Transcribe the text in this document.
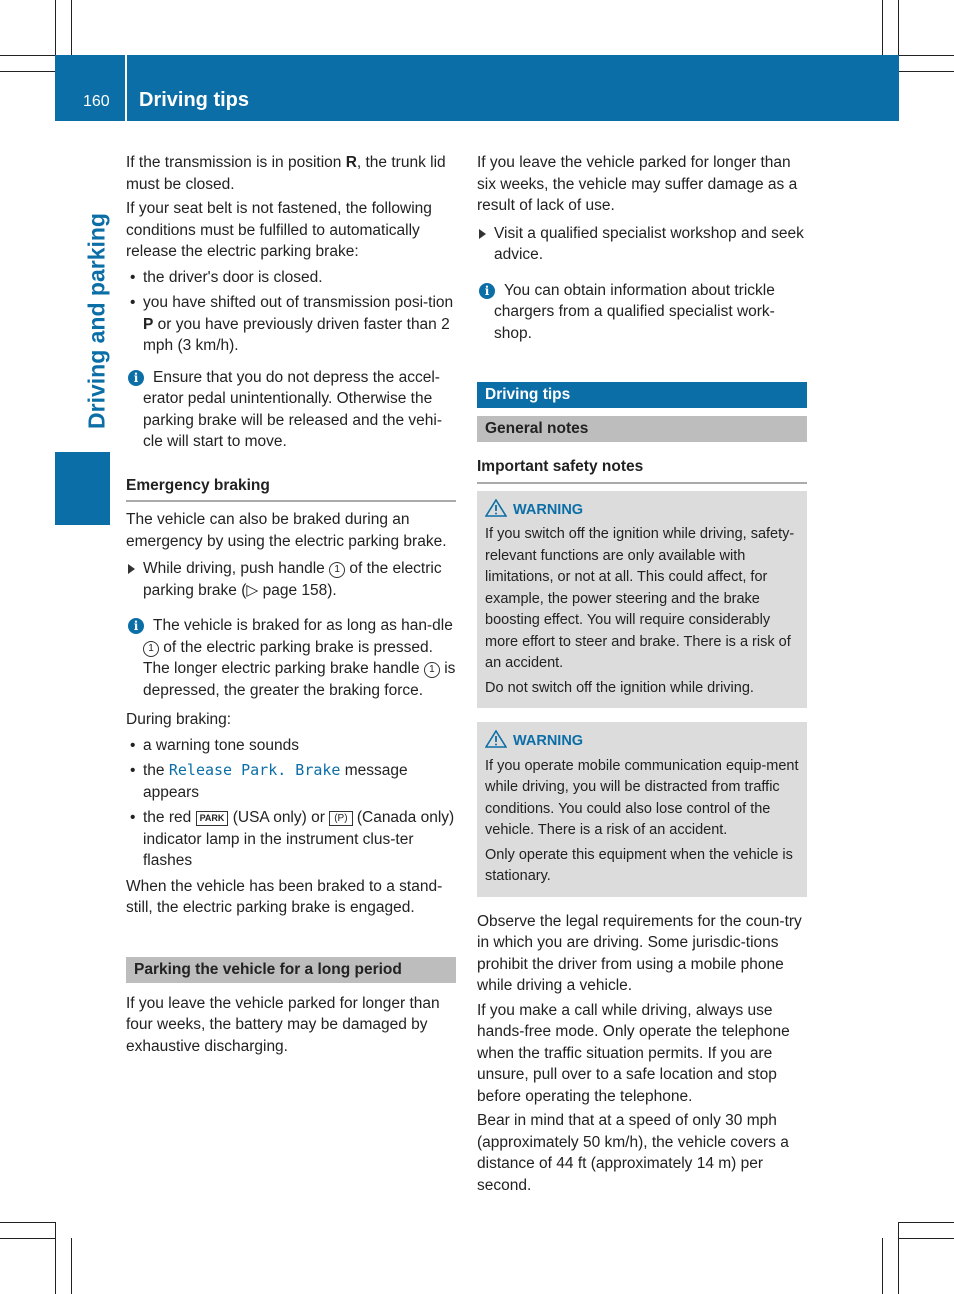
160 Driving tips
Driving and parking

If the transmission is in position R, the trunk lid must be closed.

If your seat belt is not fastened, the following conditions must be fulfilled to automatically release the electric parking brake:

• the driver's door is closed.
• you have shifted out of transmission posi-tion P or you have previously driven faster than 2 mph (3 km/h).
i Ensure that you do not depress the accel-erator pedal unintentionally. Otherwise the parking brake will be released and the vehi-cle will start to move.
Emergency braking

The vehicle can also be braked during an emergency by using the electric parking brake.

While driving, push handle 1 of the electric parking brake (▷ page 158).
i The vehicle is braked for as long as han-dle 1 of the electric parking brake is pressed. The longer electric parking brake handle 1 is depressed, the greater the braking force.

During braking:

• a warning tone sounds
• the Release Park. Brake message appears
• the red PARK (USA only) or (P) (Canada only) indicator lamp in the instrument clus-ter flashes

When the vehicle has been braked to a stand-still, the electric parking brake is engaged.

Parking the vehicle for a long period

If you leave the vehicle parked for longer than four weeks, the battery may be damaged by exhaustive discharging.

If you leave the vehicle parked for longer than six weeks, the vehicle may suffer damage as a result of lack of use.

Visit a qualified specialist workshop and seek advice.
i You can obtain information about trickle chargers from a qualified specialist work-shop.
Driving tips
General notes
Important safety notes
WARNING

If you switch off the ignition while driving, safety-relevant functions are only available with limitations, or not at all. This could affect, for example, the power steering and the brake boosting effect. You will require considerably more effort to steer and brake. There is a risk of an accident.

Do not switch off the ignition while driving.

WARNING

If you operate mobile communication equip-ment while driving, you will be distracted from traffic conditions. You could also lose control of the vehicle. There is a risk of an accident.

Only operate this equipment when the vehicle is stationary.

Observe the legal requirements for the coun-try in which you are driving. Some jurisdic-tions prohibit the driver from using a mobile phone while driving a vehicle.

If you make a call while driving, always use hands-free mode. Only operate the telephone when the traffic situation permits. If you are unsure, pull over to a safe location and stop before operating the telephone.

Bear in mind that at a speed of only 30 mph (approximately 50 km/h), the vehicle covers a distance of 44 ft (approximately 14 m) per second.
